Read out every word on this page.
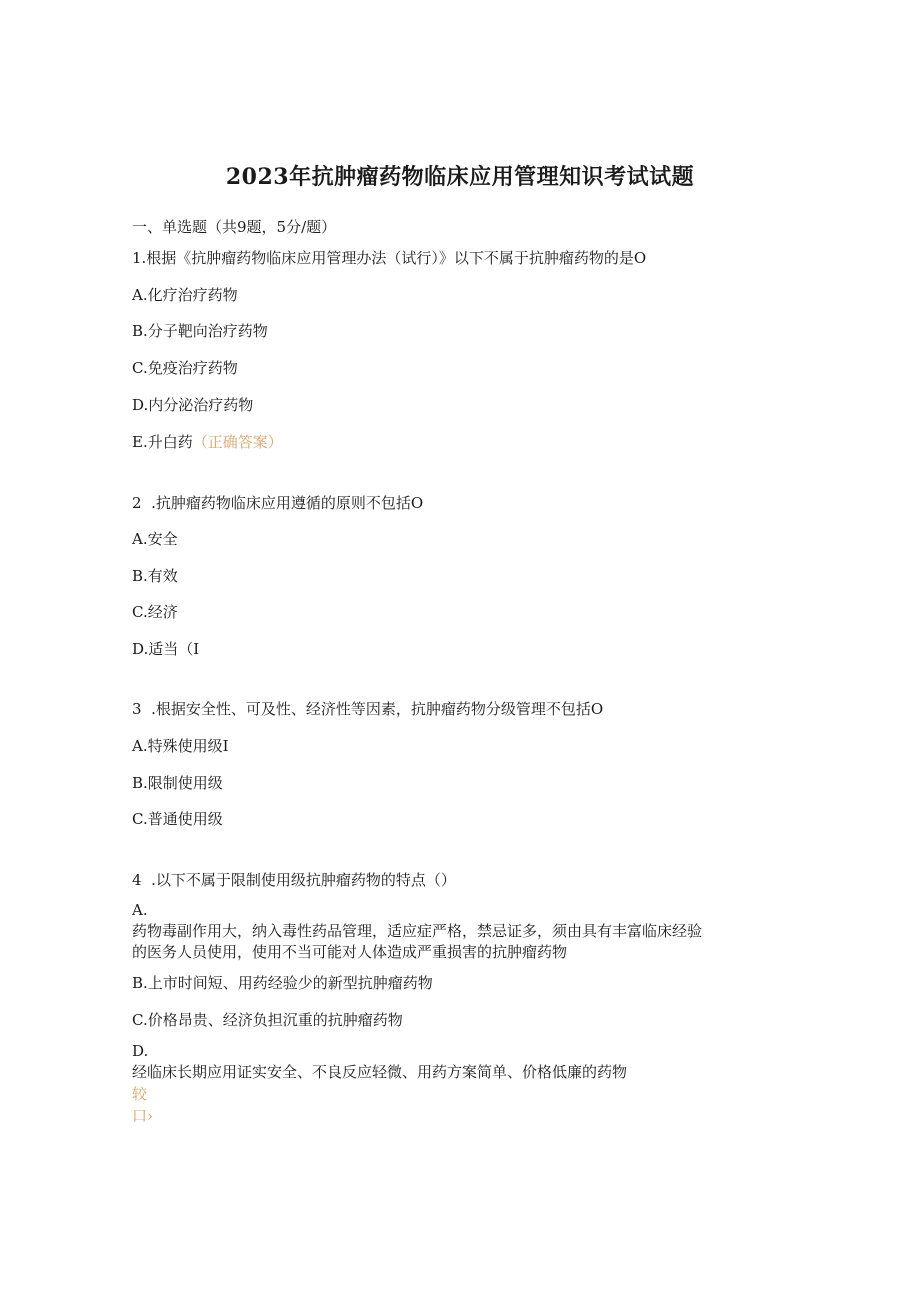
2023年抗肿瘤药物临床应用管理知识考试试题
一、单选题（共9题，5分/题）
1.根据《抗肿瘤药物临床应用管理办法（试行）》以下不属于抗肿瘤药物的是O
A.化疗治疗药物
B.分子靶向治疗药物
C.免疫治疗药物
D.内分泌治疗药物
E.升白药（正确答案）
2  .抗肿瘤药物临床应用遵循的原则不包括O
A.安全
B.有效
C.经济
D.适当（I
3  .根据安全性、可及性、经济性等因素，抗肿瘤药物分级管理不包括O
A.特殊使用级I
B.限制使用级
C.普通使用级
4  .以下不属于限制使用级抗肿瘤药物的特点（）
A.
药物毒副作用大，纳入毒性药品管理，适应症严格，禁忌证多，须由具有丰富临床经验
的医务人员使用，使用不当可能对人体造成严重损害的抗肿瘤药物
B.上市时间短、用药经验少的新型抗肿瘤药物
C.价格昂贵、经济负担沉重的抗肿瘤药物
D.
经临床长期应用证实安全、不良反应轻微、用药方案简单、价格低廉的药物
较
口›
